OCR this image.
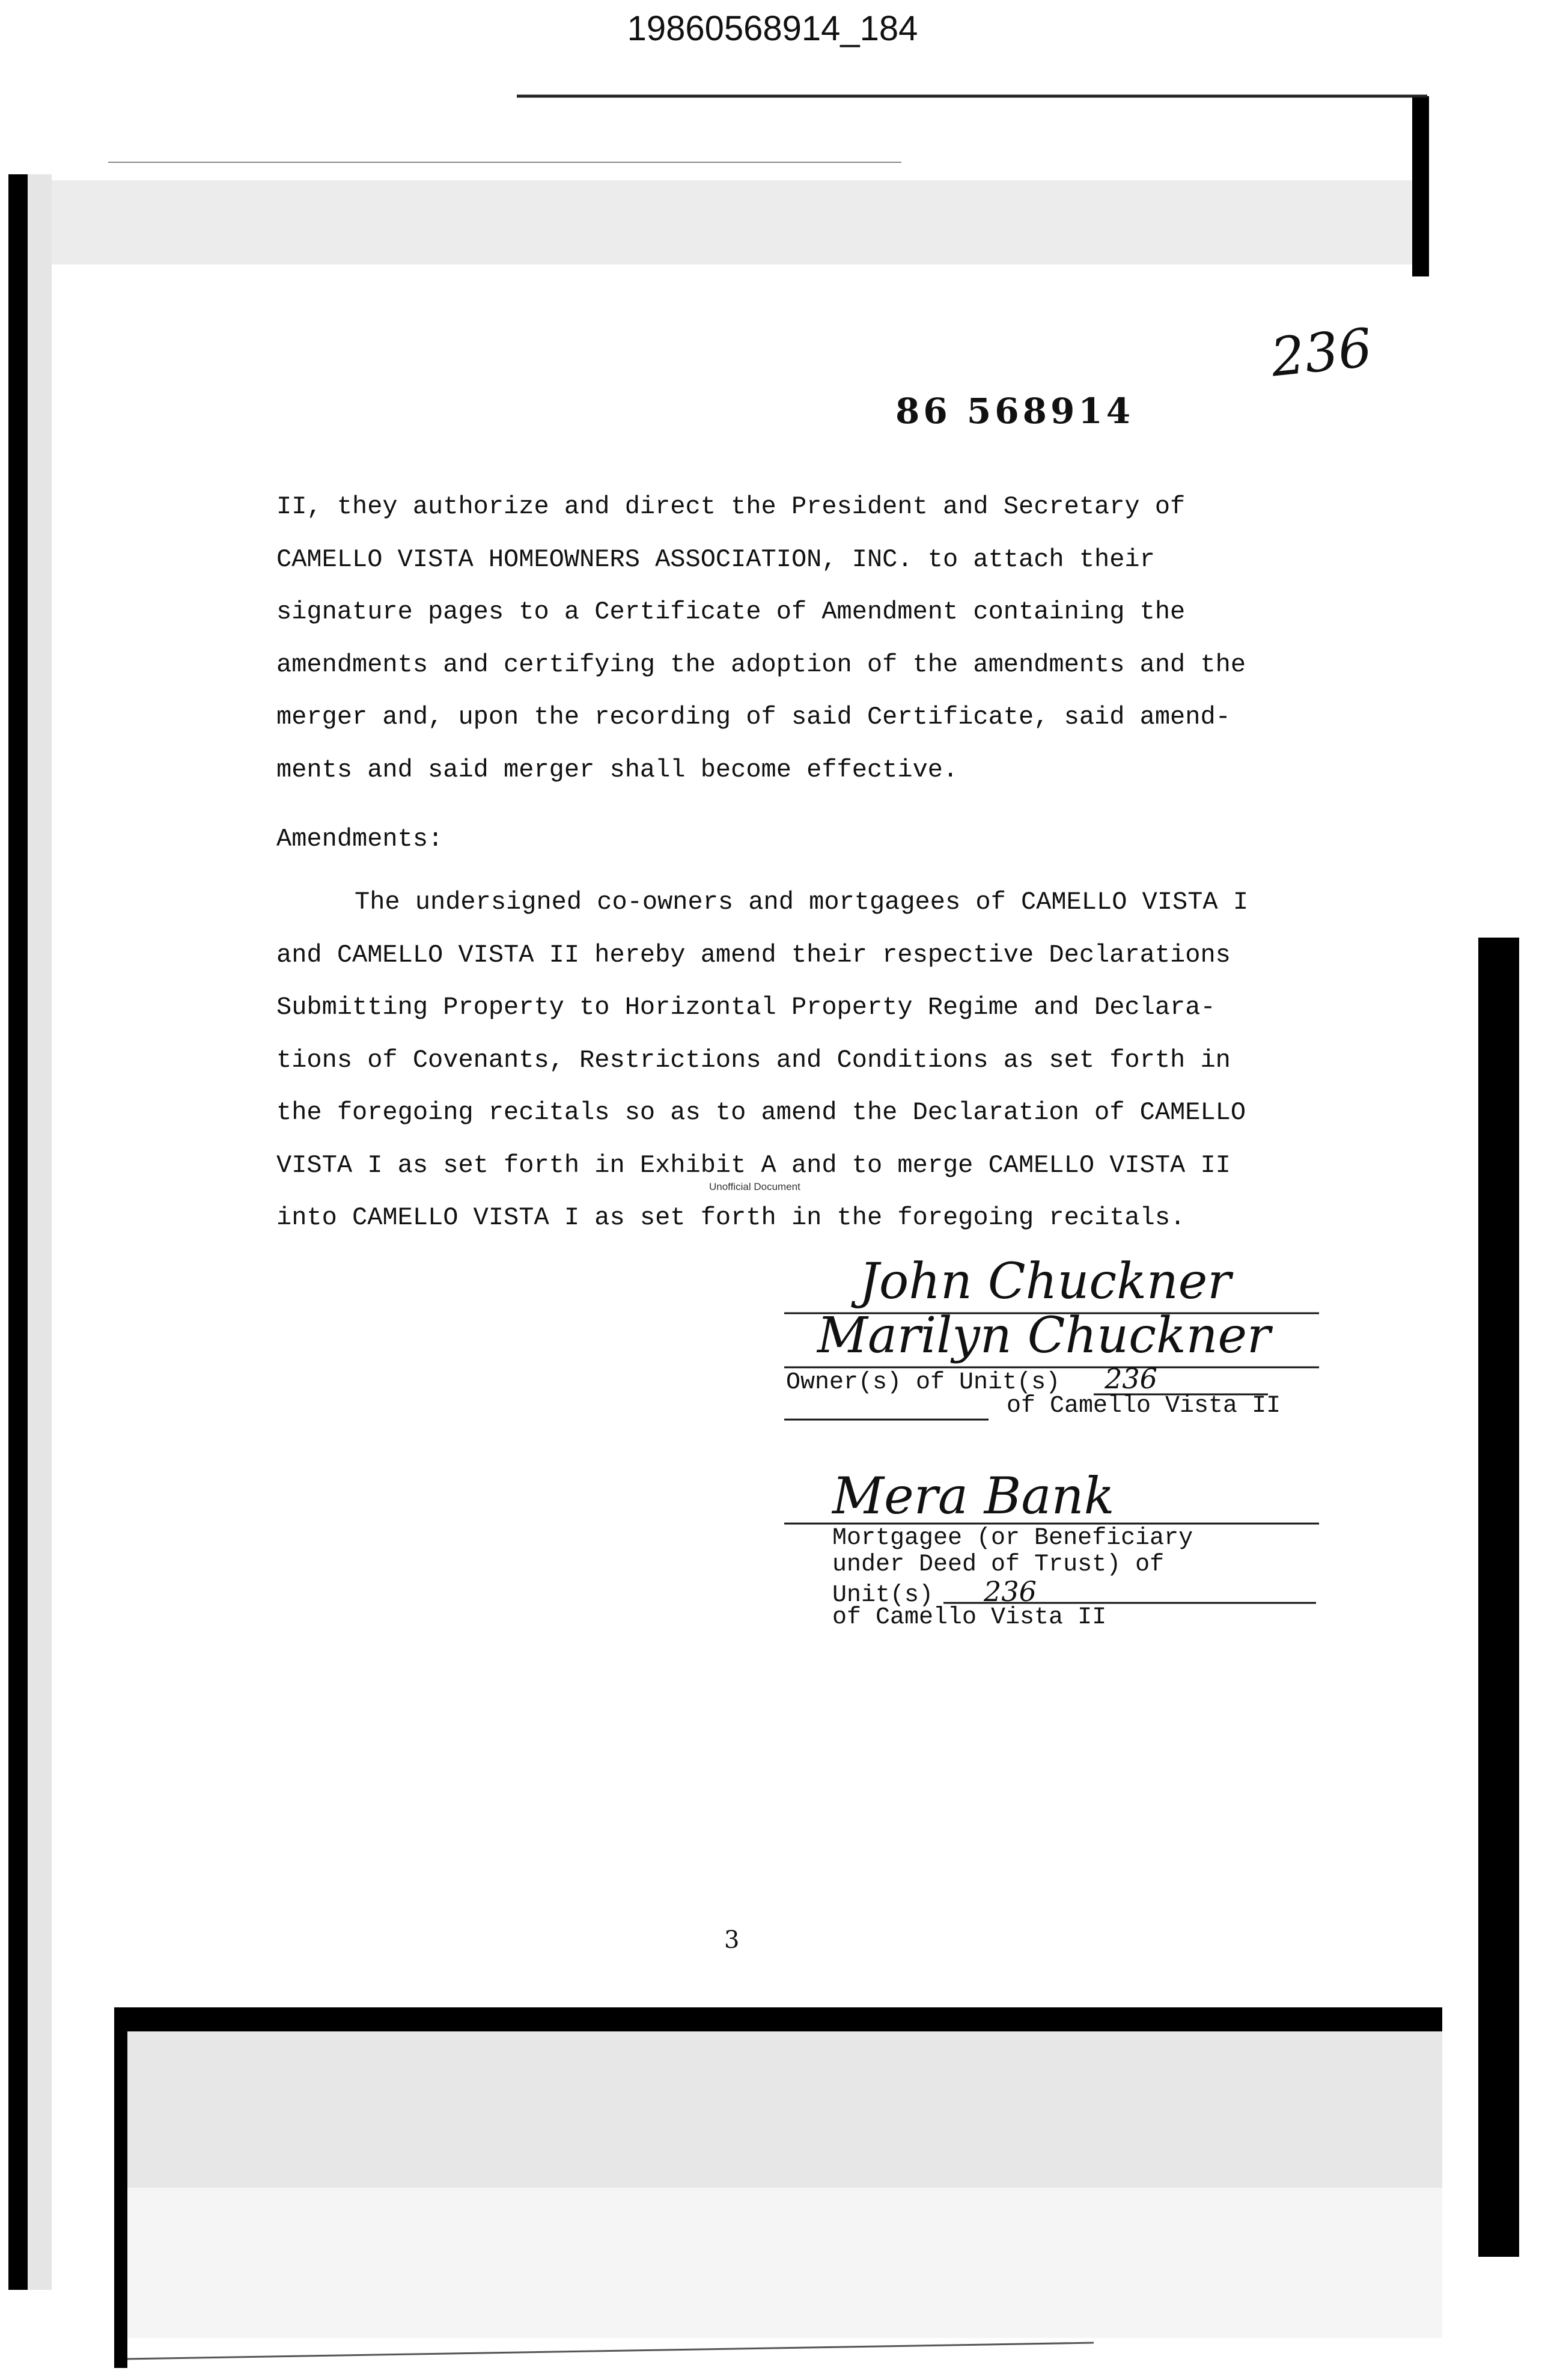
19860568914_184
236
86 568914

II, they authorize and direct the President and Secretary of
CAMELLO VISTA HOMEOWNERS ASSOCIATION, INC. to attach their
signature pages to a Certificate of Amendment containing the
amendments and certifying the adoption of the amendments and the
merger and, upon the recording of said Certificate, said amend-
ments and said merger shall become effective.

Amendments:

The undersigned co-owners and mortgagees of CAMELLO VISTA I
and CAMELLO VISTA II hereby amend their respective Declarations
Submitting Property to Horizontal Property Regime and Declara-
tions of Covenants, Restrictions and Conditions as set forth in
the foregoing recitals so as to amend the Declaration of CAMELLO
VISTA I as set forth in Exhibit A and to merge CAMELLO VISTA II
into CAMELLO VISTA I as set forth in the foregoing recitals.

Unofficial Document
John Chuckner
Marilyn Chuckner
Owner(s) of Unit(s) 236
of Camello Vista II
Mera Bank
Mortgagee (or Beneficiary
under Deed of Trust) of
Unit(s) 236
of Camello Vista II
3
